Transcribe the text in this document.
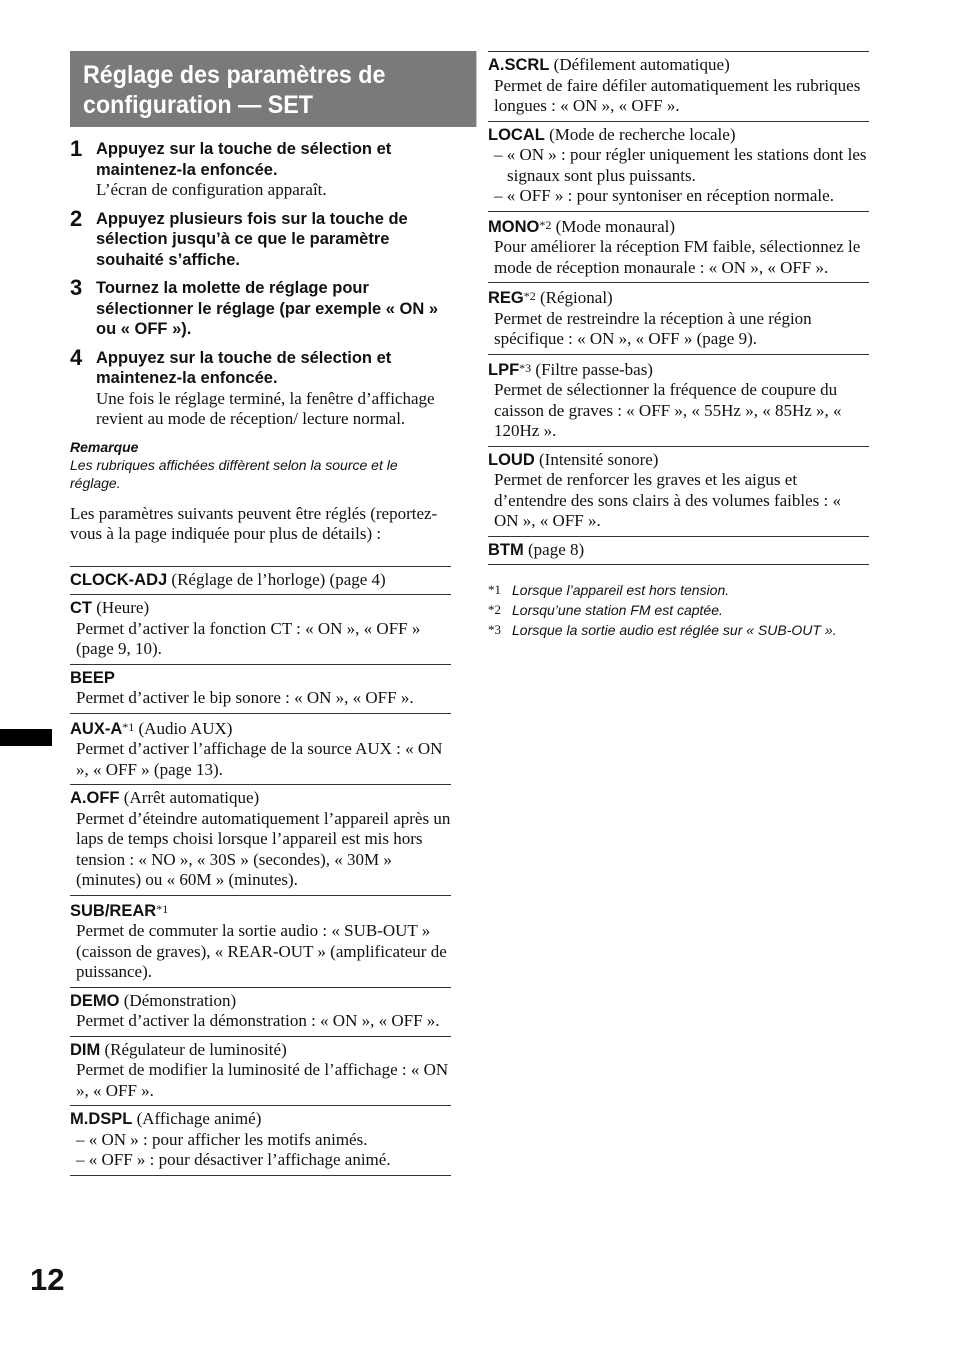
Réglage des paramètres de
configuration — SET
1 Appuyez sur la touche de sélection et maintenez-la enfoncée.
L’écran de configuration apparaît.
2 Appuyez plusieurs fois sur la touche de sélection jusqu’à ce que le paramètre souhaité s’affiche.
3 Tournez la molette de réglage pour sélectionner le réglage (par exemple « ON » ou « OFF »).
4 Appuyez sur la touche de sélection et maintenez-la enfoncée.
Une fois le réglage terminé, la fenêtre d’affichage revient au mode de réception/ lecture normal.
Remarque
Les rubriques affichées diffèrent selon la source et le réglage.
Les paramètres suivants peuvent être réglés (reportez-vous à la page indiquée pour plus de détails) :
CLOCK-ADJ (Réglage de l’horloge) (page 4)
CT (Heure)
Permet d’activer la fonction CT : « ON », « OFF » (page 9, 10).
BEEP
Permet d’activer le bip sonore : « ON », « OFF ».
AUX-A*1 (Audio AUX)
Permet d’activer l’affichage de la source AUX : « ON », « OFF » (page 13).
A.OFF (Arrêt automatique)
Permet d’éteindre automatiquement l’appareil après un laps de temps choisi lorsque l’appareil est mis hors tension : « NO », « 30S » (secondes), « 30M » (minutes) ou « 60M » (minutes).
SUB/REAR*1
Permet de commuter la sortie audio : « SUB-OUT » (caisson de graves), « REAR-OUT » (amplificateur de puissance).
DEMO (Démonstration)
Permet d’activer la démonstration : « ON », « OFF ».
DIM (Régulateur de luminosité)
Permet de modifier la luminosité de l’affichage : « ON », « OFF ».
M.DSPL (Affichage animé)
– « ON » : pour afficher les motifs animés.
– « OFF » : pour désactiver l’affichage animé.
A.SCRL (Défilement automatique)
Permet de faire défiler automatiquement les rubriques longues : « ON », « OFF ».
LOCAL (Mode de recherche locale)
– « ON » : pour régler uniquement les stations dont les signaux sont plus puissants.
– « OFF » : pour syntoniser en réception normale.
MONO*2 (Mode monaural)
Pour améliorer la réception FM faible, sélectionnez le mode de réception monaurale : « ON », « OFF ».
REG*2 (Régional)
Permet de restreindre la réception à une région spécifique : « ON », « OFF » (page 9).
LPF*3 (Filtre passe-bas)
Permet de sélectionner la fréquence de coupure du caisson de graves : « OFF », « 55Hz », « 85Hz », « 120Hz ».
LOUD (Intensité sonore)
Permet de renforcer les graves et les aigus et d’entendre des sons clairs à des volumes faibles : « ON », « OFF ».
BTM (page 8)
*1 Lorsque l’appareil est hors tension.
*2 Lorsqu’une station FM est captée.
*3 Lorsque la sortie audio est réglée sur « SUB-OUT ».
12
